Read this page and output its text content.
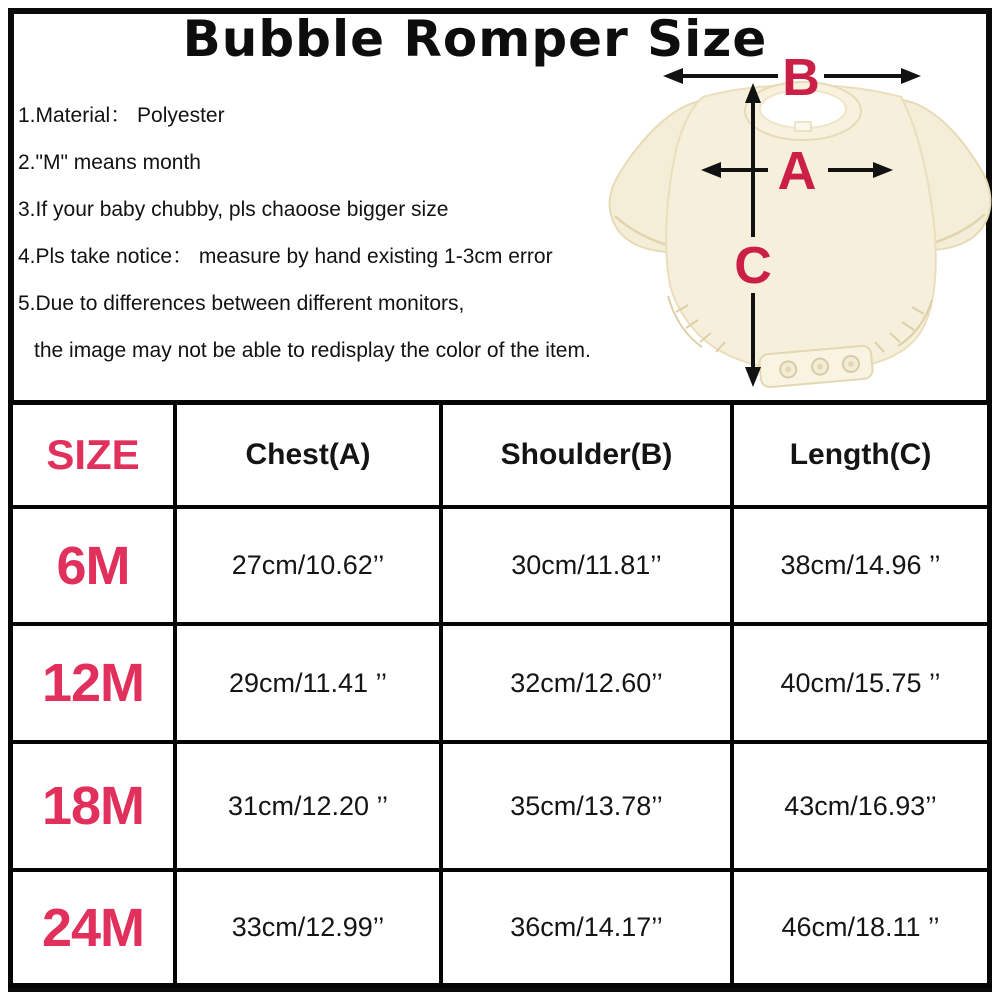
Bubble Romper Size
1.Material： Polyester
2."M" means month
3.If your baby chubby, pls chaoose bigger size
4.Pls take notice： measure by hand existing 1-3cm error
5.Due to differences between different monitors,
the image may not be able to redisplay the color of the item.
B
A
C
SIZE	Chest(A)	Shoulder(B)	Length(C)
6M	27cm/10.62’’	30cm/11.81’’	38cm/14.96 ’’
12M	29cm/11.41 ’’	32cm/12.60’’	40cm/15.75 ’’
18M	31cm/12.20 ’’	35cm/13.78’’	43cm/16.93’’
24M	33cm/12.99’’	36cm/14.17’’	46cm/18.11 ’’
